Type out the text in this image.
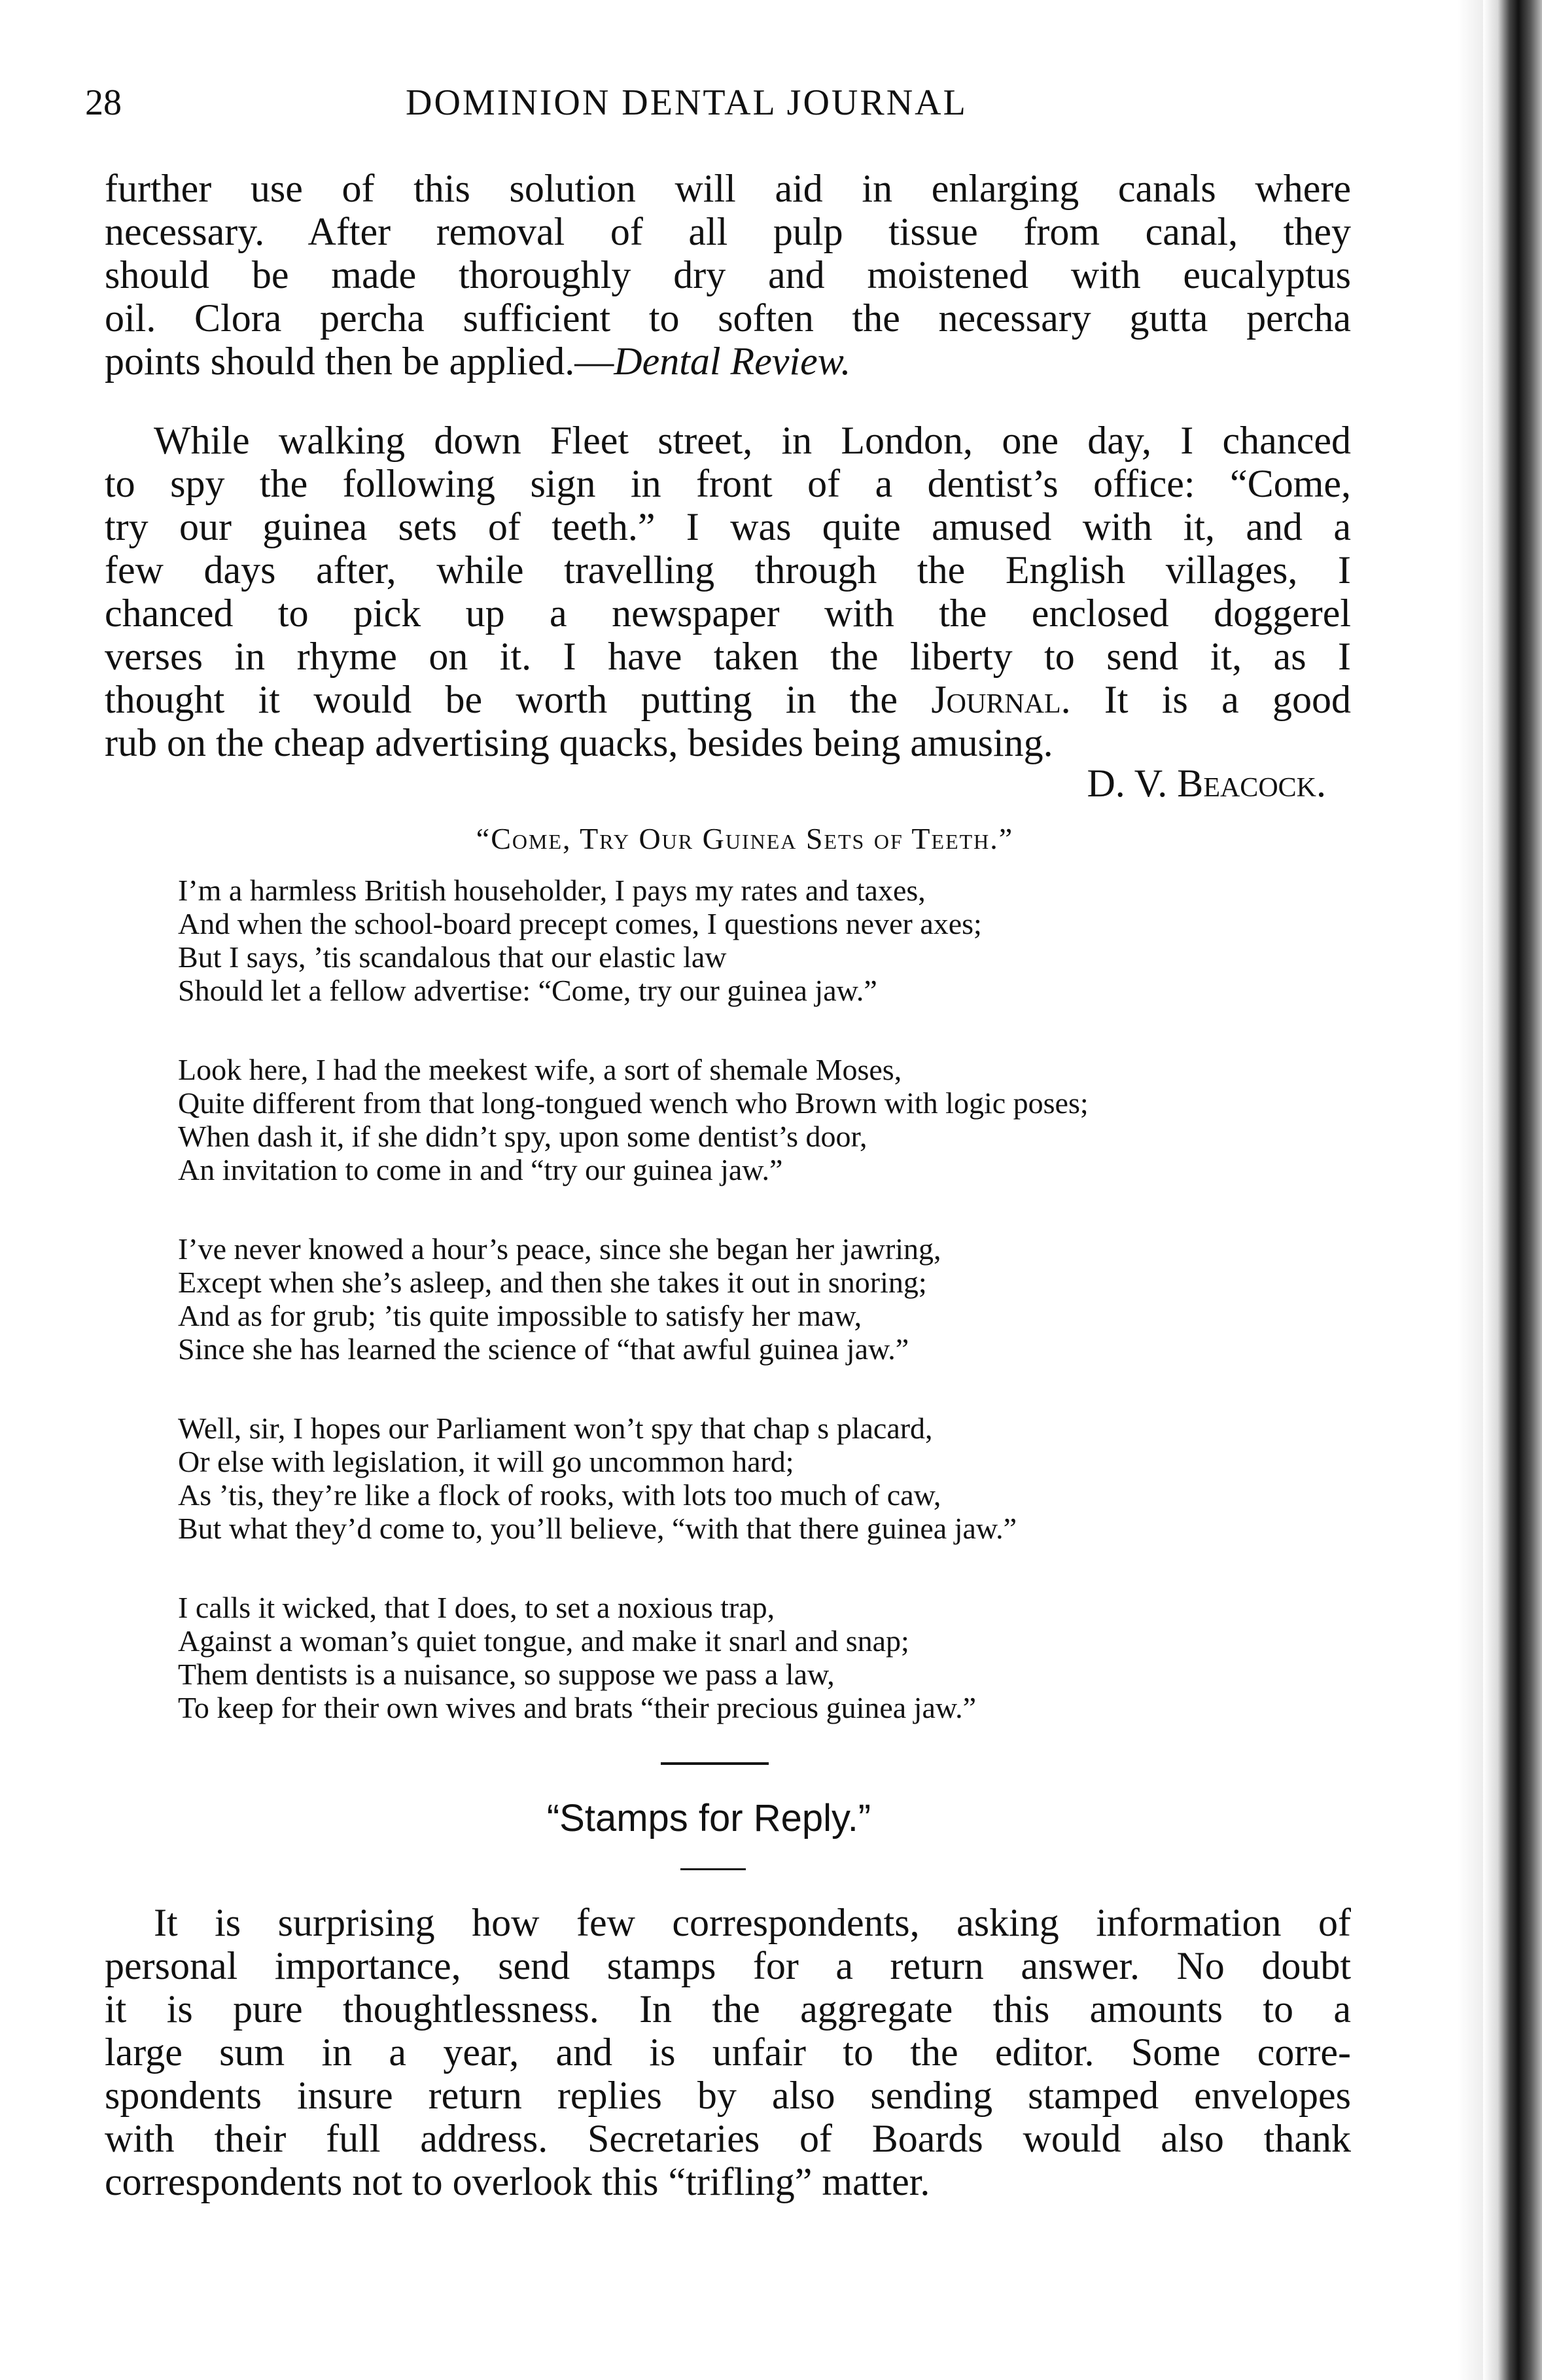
28	DOMINION DENTAL JOURNAL
further use of this solution will aid in enlarging canals where
necessary. After removal of all pulp tissue from canal, they
should be made thoroughly dry and moistened with eucalyptus
oil. Clora percha sufficient to soften the necessary gutta percha
points should then be applied.—Dental Review.
While walking down Fleet street, in London, one day, I chanced
to spy the following sign in front of a dentist’s office: “Come,
try our guinea sets of teeth.” I was quite amused with it, and a
few days after, while travelling through the English villages, I
chanced to pick up a newspaper with the enclosed doggerel
verses in rhyme on it. I have taken the liberty to send it, as I
thought it would be worth putting in the Journal. It is a good
rub on the cheap advertising quacks, besides being amusing.
D. V. Beacock.
“Come, Try Our Guinea Sets of Teeth.”
I’m a harmless British householder, I pays my rates and taxes,
And when the school-board precept comes, I questions never axes;
But I says, ’tis scandalous that our elastic law
Should let a fellow advertise: “Come, try our guinea jaw.”
Look here, I had the meekest wife, a sort of shemale Moses,
Quite different from that long-tongued wench who Brown with logic poses;
When dash it, if she didn’t spy, upon some dentist’s door,
An invitation to come in and “try our guinea jaw.”
I’ve never knowed a hour’s peace, since she began her jawring,
Except when she’s asleep, and then she takes it out in snoring;
And as for grub; ’tis quite impossible to satisfy her maw,
Since she has learned the science of “that awful guinea jaw.”
Well, sir, I hopes our Parliament won’t spy that chap s placard,
Or else with legislation, it will go uncommon hard;
As ’tis, they’re like a flock of rooks, with lots too much of caw,
But what they’d come to, you’ll believe, “with that there guinea jaw.”
I calls it wicked, that I does, to set a noxious trap,
Against a woman’s quiet tongue, and make it snarl and snap;
Them dentists is a nuisance, so suppose we pass a law,
To keep for their own wives and brats “their precious guinea jaw.”
“Stamps for Reply.”
It is surprising how few correspondents, asking information of
personal importance, send stamps for a return answer. No doubt
it is pure thoughtlessness. In the aggregate this amounts to a
large sum in a year, and is unfair to the editor. Some corre-
spondents insure return replies by also sending stamped envelopes
with their full address. Secretaries of Boards would also thank
correspondents not to overlook this “trifling” matter.
